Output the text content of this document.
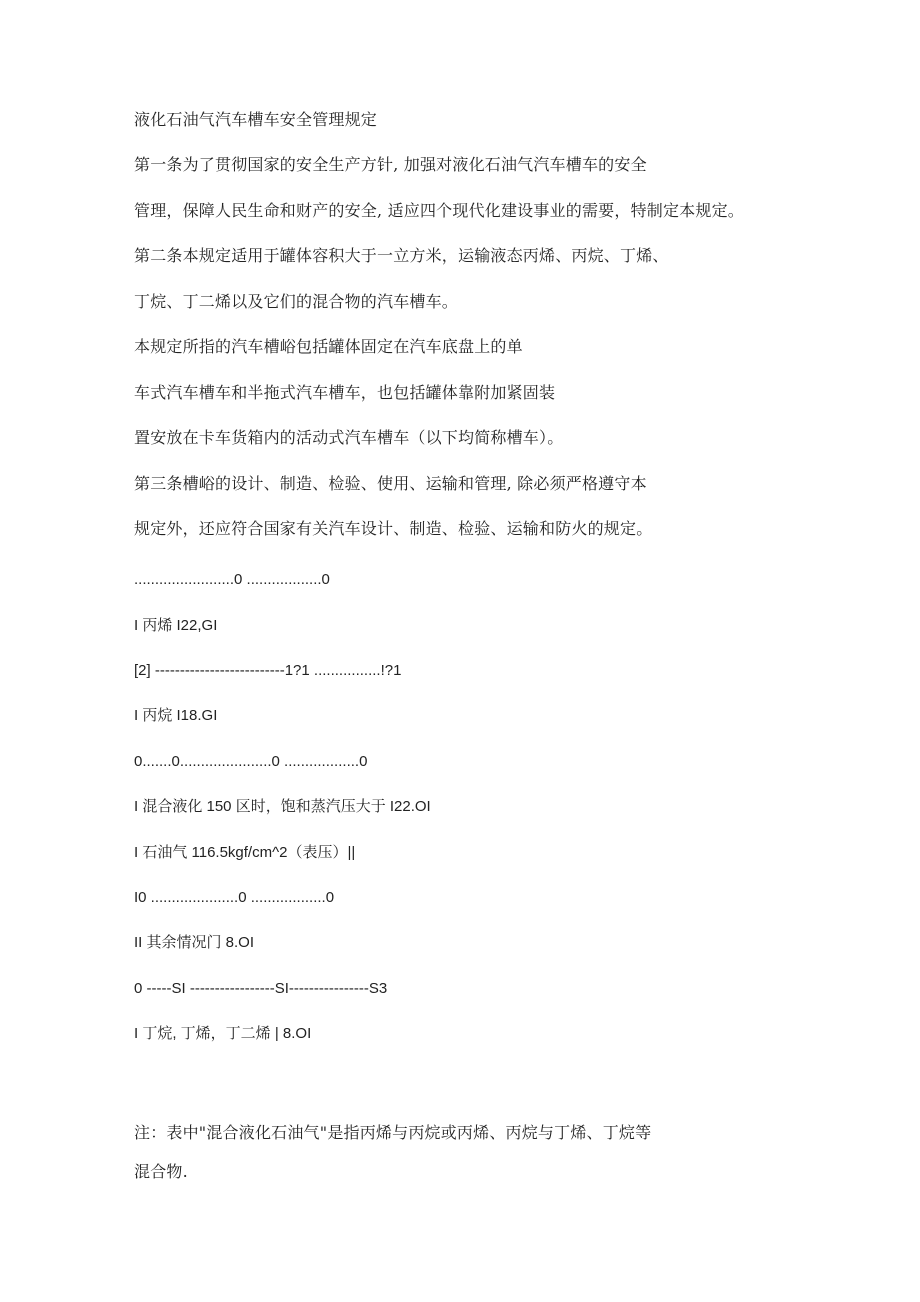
液化石油气汽车槽车安全管理规定
第一条为了贯彻国家的安全生产方针, 加强对液化石油气汽车槽车的安全
管理，保障人民生命和财产的安全, 适应四个现代化建设事业的需要，特制定本规定。
第二条本规定适用于罐体容积大于一立方米，运输液态丙烯、丙烷、丁烯、
丁烷、丁二烯以及它们的混合物的汽车槽车。
本规定所指的汽车槽峪包括罐体固定在汽车底盘上的单
车式汽车槽车和半拖式汽车槽车，也包括罐体靠附加紧固装
置安放在卡车货箱内的活动式汽车槽车（以下均简称槽车）。
第三条槽峪的设计、制造、检验、使用、运输和管理, 除必须严格遵守本
规定外，还应符合国家有关汽车设计、制造、检验、运输和防火的规定。
........................0 ..................0
I 丙烯 I22,GI
[2] --------------------------1?1 ................!?1
I 丙烷 I18.GI
0.......0......................0 ..................0
I 混合液化 150 区时，饱和蒸汽压大于 I22.OI
I 石油气 116.5kgf/cm^2（表压）||
I0 .....................0 ..................0
II 其余情况门 8.OI
0 -----SI -----------------SI----------------S3
I 丁烷, 丁烯，丁二烯 | 8.OI
注：表中"混合液化石油气"是指丙烯与丙烷或丙烯、丙烷与丁烯、丁烷等
混合物.
